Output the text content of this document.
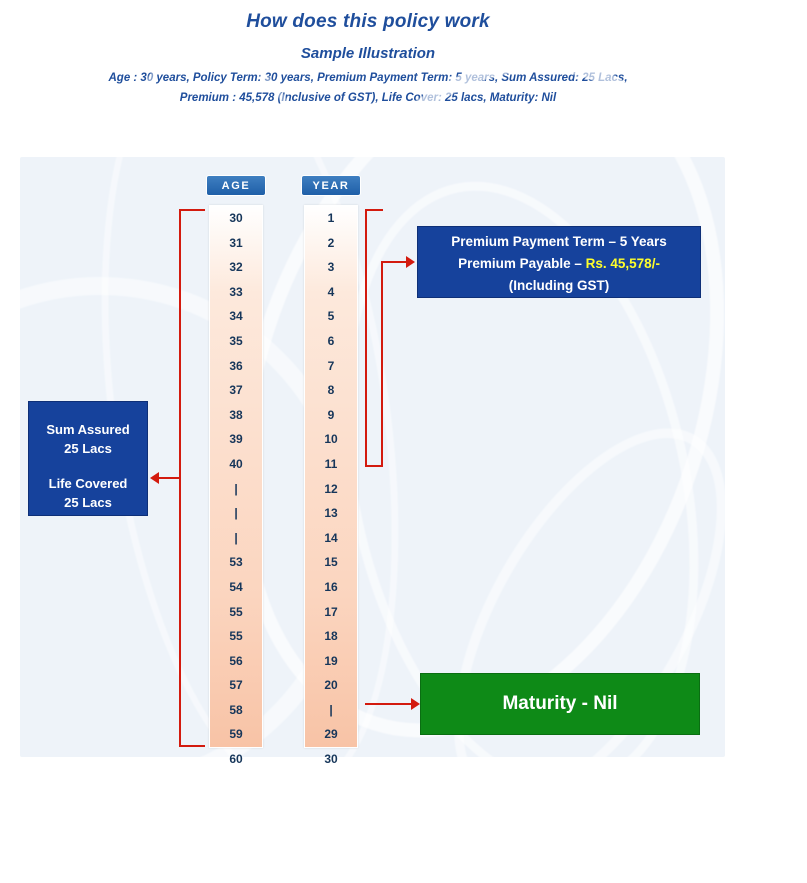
How does this policy work
Sample Illustration
Age : 30 years, Policy Term: 30 years, Premium Payment Term: 5 years, Sum Assured: 25 Lacs,
Premium : 45,578 (Inclusive of GST), Life Cover: 25 lacs, Maturity: Nil
AGE	YEAR
30
31
32
33
34
35
36
37
38
39
40
|
|
|
53
54
55
55
56
57
58
59
60
1
2
3
4
5
6
7
8
9
10
11
12
13
14
15
16
17
18
19
20
|
29
30
Premium Payment Term – 5 Years
Premium Payable – Rs. 45,578/-
(Including GST)
Sum Assured
25 Lacs
Life Covered
25 Lacs
Maturity - Nil
